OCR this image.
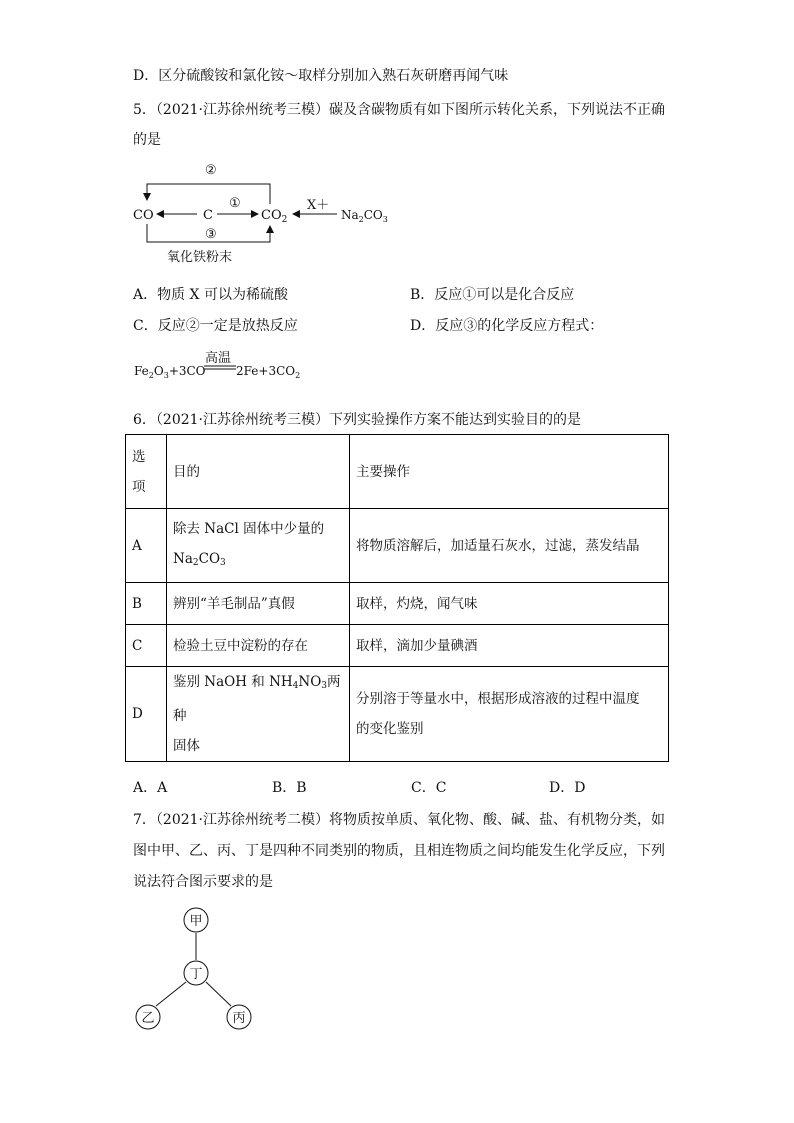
D．区分硫酸铵和氯化铵～取样分别加入熟石灰研磨再闻气味
5．（2021·江苏徐州统考三模）碳及含碳物质有如下图所示转化关系，下列说法不正确
的是
②
①
③
CO	C	$CO_2$
X＋
$Na_2CO_3$
氧化铁粉末
A．物质 X 可以为稀硫酸	B．反应①可以是化合反应
C．反应②一定是放热反应	D．反应③的化学反应方程式：
$Fe_2O_3+3CO$
高温
$2Fe+3CO_2$
6．（2021·江苏徐州统考三模）下列实验操作方案不能达到实验目的的是
选
项	目的	主要操作
A	除去 NaCl 固体中少量的
$Na_2CO_3$	将物质溶解后，加适量石灰水，过滤，蒸发结晶
B	辨别“羊毛制品”真假	取样，灼烧，闻气味
C	检验土豆中淀粉的存在	取样，滴加少量碘酒
D	鉴别 NaOH 和 $NH_4NO_3$两种
固体	分别溶于等量水中，根据形成溶液的过程中温度
的变化鉴别
A．A	B．B	C．C	D．D
7．（2021·江苏徐州统考二模）将物质按单质、氧化物、酸、碱、盐、有机物分类，如
图中甲、乙、丙、丁是四种不同类别的物质，且相连物质之间均能发生化学反应，下列
说法符合图示要求的是
甲
丁
乙	丙
